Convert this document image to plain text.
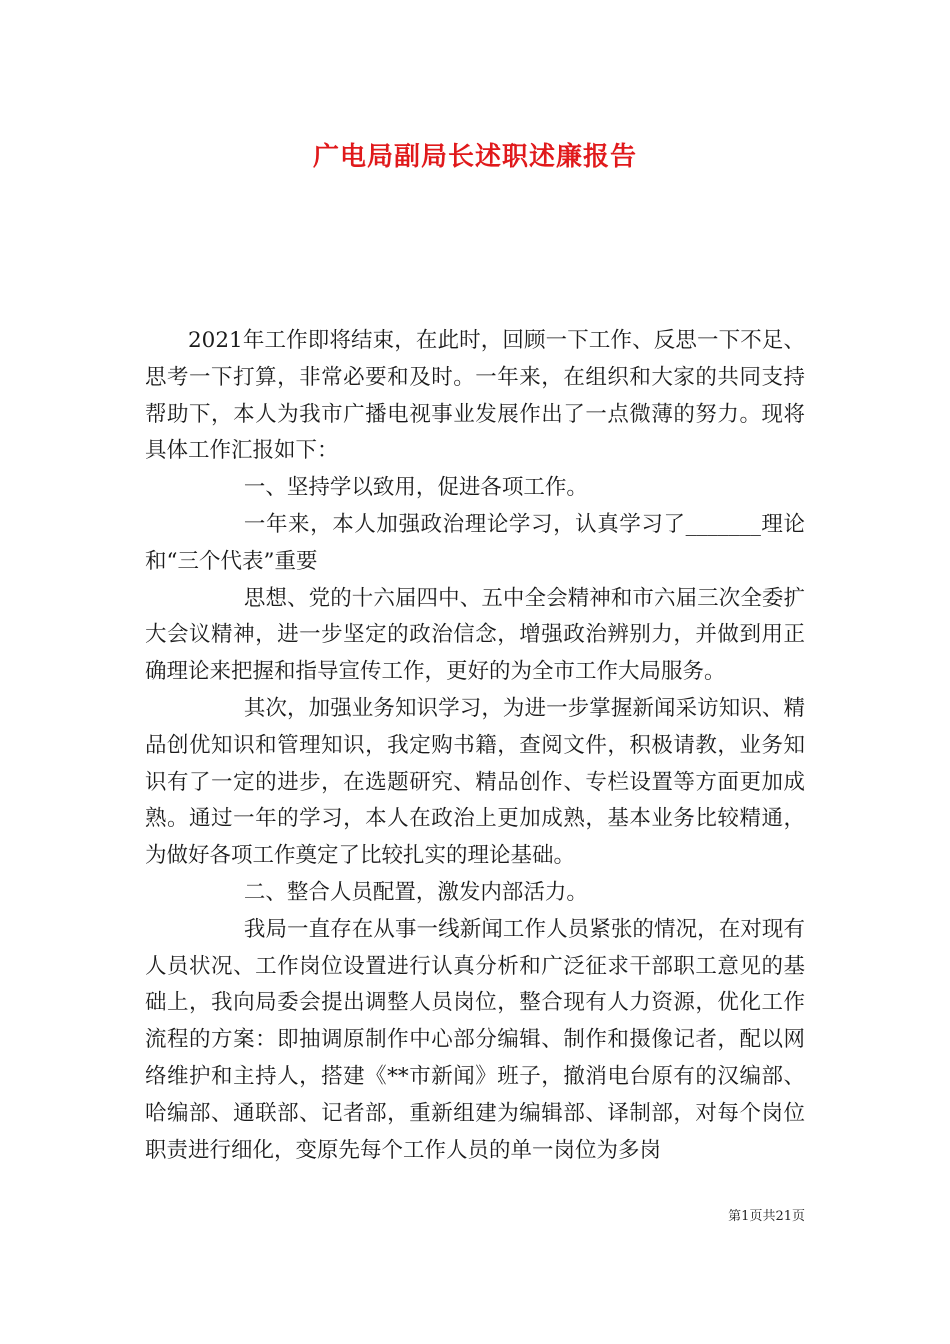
广电局副局长述职述廉报告

2021年工作即将结束，在此时，回顾一下工作、反思一下不足、思考一下打算，非常必要和及时。一年来，在组织和大家的共同支持帮助下，本人为我市广播电视事业发展作出了一点微薄的努力。现将具体工作汇报如下：

一、坚持学以致用，促进各项工作。

一年来，本人加强政治理论学习，认真学习了_______理论和“三个代表”重要

思想、党的十六届四中、五中全会精神和市六届三次全委扩大会议精神，进一步坚定的政治信念，增强政治辨别力，并做到用正确理论来把握和指导宣传工作，更好的为全市工作大局服务。

其次，加强业务知识学习，为进一步掌握新闻采访知识、精品创优知识和管理知识，我定购书籍，查阅文件，积极请教，业务知识有了一定的进步，在选题研究、精品创作、专栏设置等方面更加成熟。通过一年的学习，本人在政治上更加成熟，基本业务比较精通，为做好各项工作奠定了比较扎实的理论基础。

二、整合人员配置，激发内部活力。

我局一直存在从事一线新闻工作人员紧张的情况，在对现有人员状况、工作岗位设置进行认真分析和广泛征求干部职工意见的基础上，我向局委会提出调整人员岗位，整合现有人力资源，优化工作流程的方案：即抽调原制作中心部分编辑、制作和摄像记者，配以网络维护和主持人，搭建《**市新闻》班子，撤消电台原有的汉编部、哈编部、通联部、记者部，重新组建为编辑部、译制部，对每个岗位职责进行细化，变原先每个工作人员的单一岗位为多岗

第1页共21页
